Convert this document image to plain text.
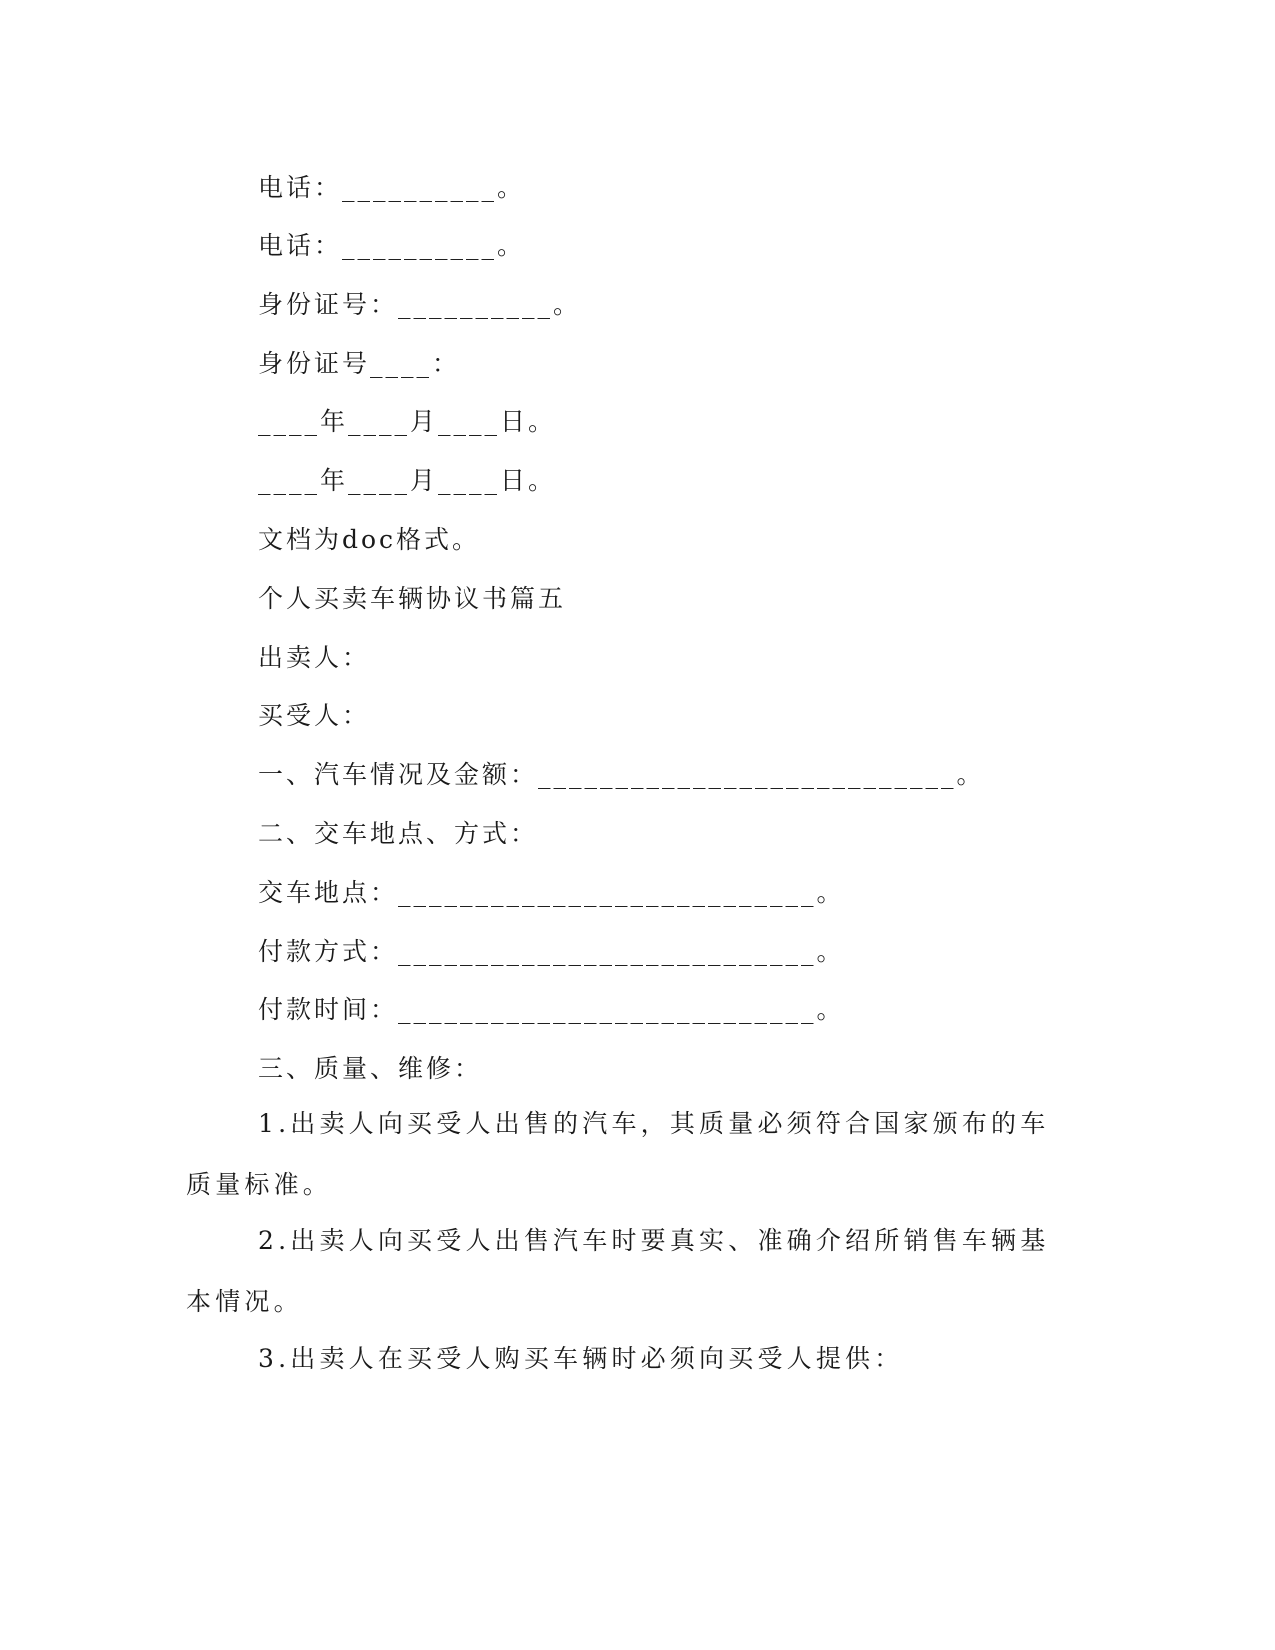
电话：__________。
电话：__________。
身份证号：__________。
身份证号____：
____年____月____日。
____年____月____日。
文档为doc格式。
个人买卖车辆协议书篇五
出卖人：
买受人：
一、汽车情况及金额：___________________________。
二、交车地点、方式：
交车地点：___________________________。
付款方式：___________________________。
付款时间：___________________________。
三、质量、维修：
1.出卖人向买受人出售的汽车，其质量必须符合国家颁布的车质量标准。
2.出卖人向买受人出售汽车时要真实、准确介绍所销售车辆基本情况。
3.出卖人在买受人购买车辆时必须向买受人提供：
